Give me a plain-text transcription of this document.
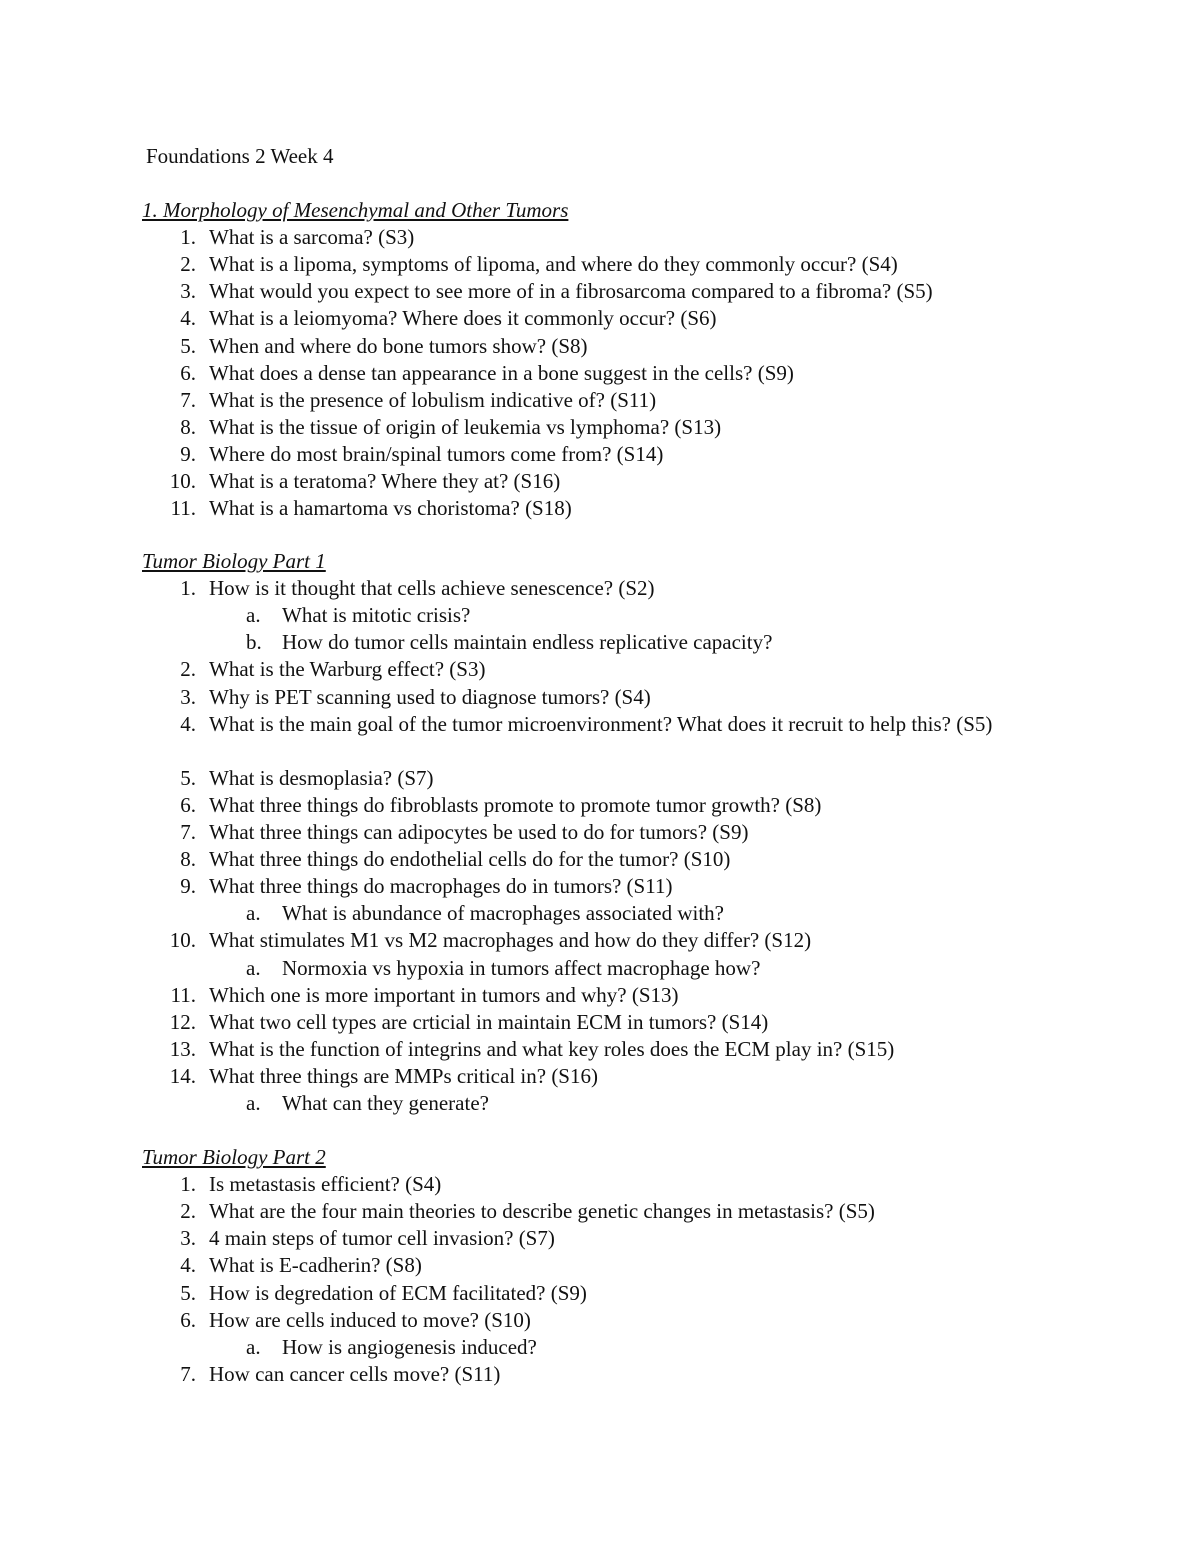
Foundations 2 Week 4
1. Morphology of Mesenchymal and Other Tumors
1. What is a sarcoma? (S3)
2. What is a lipoma, symptoms of lipoma, and where do they commonly occur? (S4)
3. What would you expect to see more of in a fibrosarcoma compared to a fibroma? (S5)
4. What is a leiomyoma? Where does it commonly occur? (S6)
5. When and where do bone tumors show? (S8)
6. What does a dense tan appearance in a bone suggest in the cells? (S9)
7. What is the presence of lobulism indicative of? (S11)
8. What is the tissue of origin of leukemia vs lymphoma? (S13)
9. Where do most brain/spinal tumors come from? (S14)
10. What is a teratoma? Where they at? (S16)
11. What is a hamartoma vs choristoma? (S18)
Tumor Biology Part 1
1. How is it thought that cells achieve senescence? (S2)
a. What is mitotic crisis?
b. How do tumor cells maintain endless replicative capacity?
2. What is the Warburg effect? (S3)
3. Why is PET scanning used to diagnose tumors? (S4)
4. What is the main goal of the tumor microenvironment? What does it recruit to help this? (S5)
5. What is desmoplasia? (S7)
6. What three things do fibroblasts promote to promote tumor growth? (S8)
7. What three things can adipocytes be used to do for tumors? (S9)
8. What three things do endothelial cells do for the tumor? (S10)
9. What three things do macrophages do in tumors? (S11)
a. What is abundance of macrophages associated with?
10. What stimulates M1 vs M2 macrophages and how do they differ? (S12)
a. Normoxia vs hypoxia in tumors affect macrophage how?
11. Which one is more important in tumors and why? (S13)
12. What two cell types are crticial in maintain ECM in tumors? (S14)
13. What is the function of integrins and what key roles does the ECM play in? (S15)
14. What three things are MMPs critical in? (S16)
a. What can they generate?
Tumor Biology Part 2
1. Is metastasis efficient? (S4)
2. What are the four main theories to describe genetic changes in metastasis? (S5)
3. 4 main steps of tumor cell invasion? (S7)
4. What is E-cadherin? (S8)
5. How is degredation of ECM facilitated? (S9)
6. How are cells induced to move? (S10)
a. How is angiogenesis induced?
7. How can cancer cells move? (S11)
